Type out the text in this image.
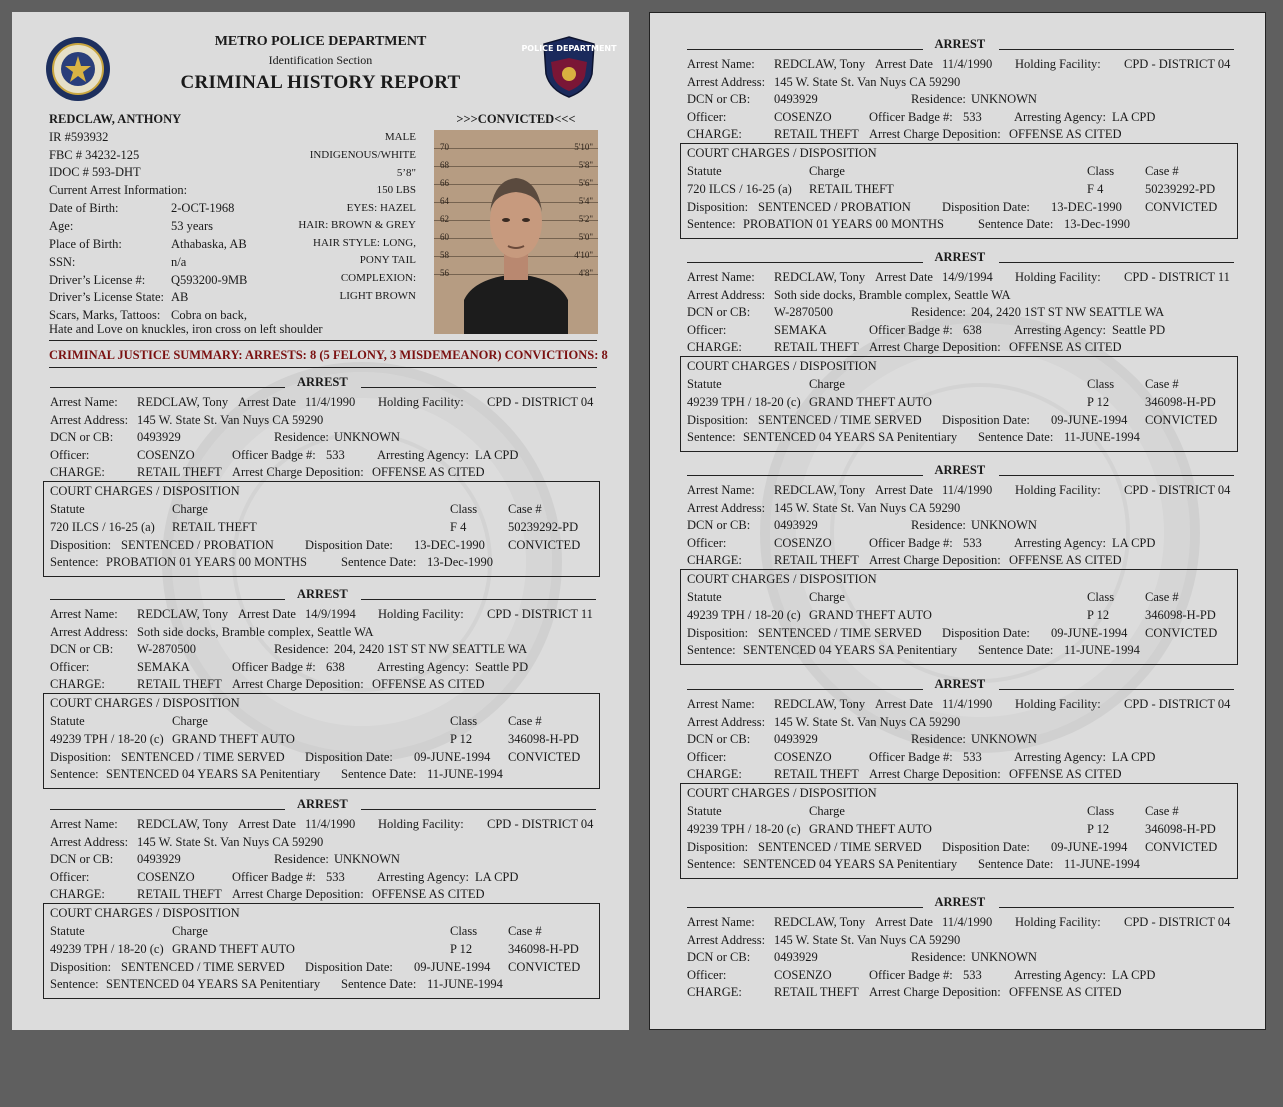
POLICE DEPARTMENT
METRO POLICE DEPARTMENT
Identification Section
CRIMINAL HISTORY REPORT
REDCLAW, ANTHONY
IR #593932
FBC # 34232-125
IDOC # 593-DHT
Current Arrest Information:
Date of Birth:	2-OCT-1968
Age:	53 years
Place of Birth:	Athabaska, AB
SSN:	n/a
Driver’s License #: Q593200-9MB
Driver’s License State: AB
Scars, Marks, Tattoos: Cobra on back,
Hate and Love on knuckles, iron cross on left shoulder
MALE
INDIGENOUS/WHITE
5’8"
150 LBS
EYES: HAZEL
HAIR: BROWN & GREY
HAIR STYLE: LONG,
PONY TAIL
COMPLEXION:
LIGHT BROWN
>>>CONVICTED<<<
70	5'10"
68	5'8"
66	5'6"
64	5'4"
62	5'2"
60	5'0"
58	4'10"
56	4'8"
CRIMINAL JUSTICE SUMMARY: ARRESTS: 8 (5 FELONY, 3 MISDEMEANOR) CONVICTIONS: 8
ARREST
Arrest Name: REDCLAW, Tony Arrest Date 11/4/1990 Holding Facility: CPD - DISTRICT 04
Arrest Address: 145 W. State St. Van Nuys CA 59290
DCN or CB: 0493929	Residence: UNKNOWN
Officer:	COSENZO	Officer Badge #: 533	Arresting Agency: LA CPD
CHARGE:	RETAIL THEFT Arrest Charge Deposition: OFFENSE AS CITED
COURT CHARGES / DISPOSITION
Statute	Charge	Class Case #
720 ILCS / 16-25 (a) RETAIL THEFT	F 4	50239292-PD
Disposition: SENTENCED / PROBATION Disposition Date: 13-DEC-1990 CONVICTED
Sentence: PROBATION 01 YEARS 00 MONTHS	Sentence Date: 13-Dec-1990
ARREST
Arrest Name: REDCLAW, Tony Arrest Date 14/9/1994 Holding Facility: CPD - DISTRICT 11
Arrest Address: Soth side docks, Bramble complex, Seattle WA
DCN or CB: W-2870500	Residence: 204, 2420 1ST ST NW SEATTLE WA
Officer:	SEMAKA	Officer Badge #: 638	Arresting Agency: Seattle PD
CHARGE:	RETAIL THEFT Arrest Charge Deposition: OFFENSE AS CITED
COURT CHARGES / DISPOSITION
Statute	Charge	Class Case #
49239 TPH / 18-20 (c) GRAND THEFT AUTO	P 12	346098-H-PD
Disposition: SENTENCED / TIME SERVED Disposition Date: 09-JUNE-1994 CONVICTED
Sentence: SENTENCED 04 YEARS SA Penitentiary Sentence Date: 11-JUNE-1994
ARREST
Arrest Name: REDCLAW, Tony Arrest Date 11/4/1990 Holding Facility: CPD - DISTRICT 04
Arrest Address: 145 W. State St. Van Nuys CA 59290
DCN or CB: 0493929	Residence: UNKNOWN
Officer:	COSENZO	Officer Badge #: 533	Arresting Agency: LA CPD
CHARGE:	RETAIL THEFT Arrest Charge Deposition: OFFENSE AS CITED
COURT CHARGES / DISPOSITION
Statute	Charge	Class Case #
49239 TPH / 18-20 (c) GRAND THEFT AUTO	P 12	346098-H-PD
Disposition: SENTENCED / TIME SERVED Disposition Date: 09-JUNE-1994 CONVICTED
Sentence: SENTENCED 04 YEARS SA Penitentiary Sentence Date: 11-JUNE-1994
ARREST
Arrest Name: REDCLAW, Tony Arrest Date 11/4/1990 Holding Facility: CPD - DISTRICT 04
Arrest Address: 145 W. State St. Van Nuys CA 59290
DCN or CB: 0493929	Residence: UNKNOWN
Officer:	COSENZO	Officer Badge #: 533	Arresting Agency: LA CPD
CHARGE:	RETAIL THEFT Arrest Charge Deposition: OFFENSE AS CITED
COURT CHARGES / DISPOSITION
Statute	Charge	Class Case #
720 ILCS / 16-25 (a) RETAIL THEFT	F 4	50239292-PD
Disposition: SENTENCED / PROBATION Disposition Date: 13-DEC-1990 CONVICTED
Sentence: PROBATION 01 YEARS 00 MONTHS	Sentence Date: 13-Dec-1990
ARREST
Arrest Name: REDCLAW, Tony Arrest Date 14/9/1994 Holding Facility: CPD - DISTRICT 11
Arrest Address: Soth side docks, Bramble complex, Seattle WA
DCN or CB: W-2870500	Residence: 204, 2420 1ST ST NW SEATTLE WA
Officer:	SEMAKA	Officer Badge #: 638	Arresting Agency: Seattle PD
CHARGE:	RETAIL THEFT Arrest Charge Deposition: OFFENSE AS CITED
COURT CHARGES / DISPOSITION
Statute	Charge	Class Case #
49239 TPH / 18-20 (c) GRAND THEFT AUTO	P 12	346098-H-PD
Disposition: SENTENCED / TIME SERVED Disposition Date: 09-JUNE-1994 CONVICTED
Sentence: SENTENCED 04 YEARS SA Penitentiary Sentence Date: 11-JUNE-1994
ARREST
Arrest Name: REDCLAW, Tony Arrest Date 11/4/1990 Holding Facility: CPD - DISTRICT 04
Arrest Address: 145 W. State St. Van Nuys CA 59290
DCN or CB: 0493929	Residence: UNKNOWN
Officer:	COSENZO	Officer Badge #: 533	Arresting Agency: LA CPD
CHARGE:	RETAIL THEFT Arrest Charge Deposition: OFFENSE AS CITED
COURT CHARGES / DISPOSITION
Statute	Charge	Class Case #
49239 TPH / 18-20 (c) GRAND THEFT AUTO	P 12	346098-H-PD
Disposition: SENTENCED / TIME SERVED Disposition Date: 09-JUNE-1994 CONVICTED
Sentence: SENTENCED 04 YEARS SA Penitentiary Sentence Date: 11-JUNE-1994
ARREST
Arrest Name: REDCLAW, Tony Arrest Date 11/4/1990 Holding Facility: CPD - DISTRICT 04
Arrest Address: 145 W. State St. Van Nuys CA 59290
DCN or CB: 0493929	Residence: UNKNOWN
Officer:	COSENZO	Officer Badge #: 533	Arresting Agency: LA CPD
CHARGE:	RETAIL THEFT Arrest Charge Deposition: OFFENSE AS CITED
COURT CHARGES / DISPOSITION
Statute	Charge	Class Case #
49239 TPH / 18-20 (c) GRAND THEFT AUTO	P 12	346098-H-PD
Disposition: SENTENCED / TIME SERVED Disposition Date: 09-JUNE-1994 CONVICTED
Sentence: SENTENCED 04 YEARS SA Penitentiary Sentence Date: 11-JUNE-1994
ARREST
Arrest Name: REDCLAW, Tony Arrest Date 11/4/1990 Holding Facility: CPD - DISTRICT 04
Arrest Address: 145 W. State St. Van Nuys CA 59290
DCN or CB: 0493929	Residence: UNKNOWN
Officer:	COSENZO	Officer Badge #: 533	Arresting Agency: LA CPD
CHARGE:	RETAIL THEFT Arrest Charge Deposition: OFFENSE AS CITED
